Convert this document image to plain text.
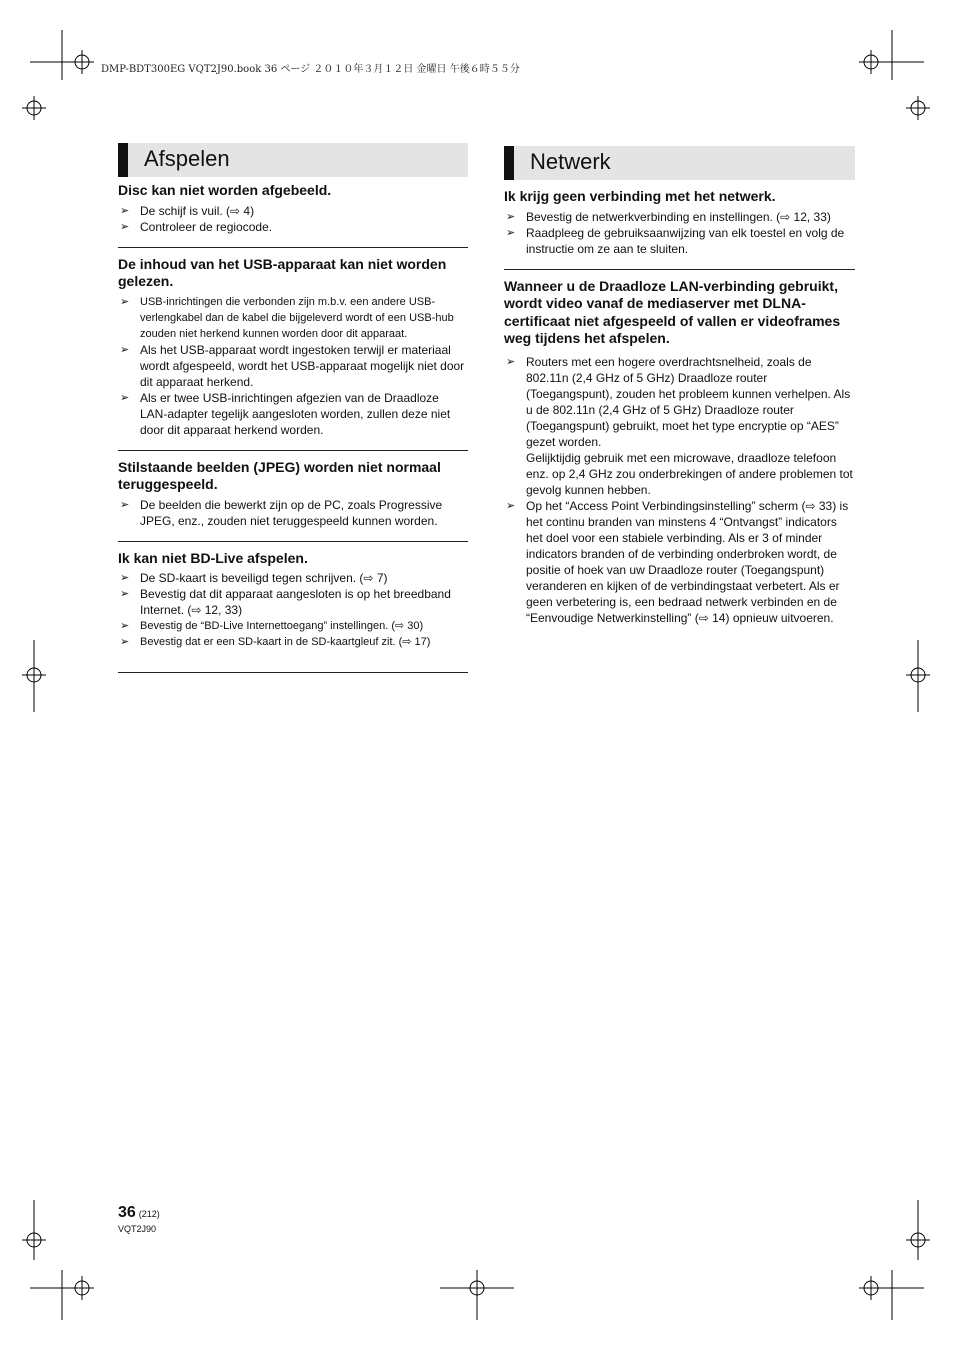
DMP-BDT300EG VQT2J90.book 36 ページ ２０１０年３月１２日 金曜日 午後６時５５分
Afspelen
Disc kan niet worden afgebeeld.
➢ De schijf is vuil. (⇨ 4)
➢ Controleer de regiocode.
De inhoud van het USB-apparaat kan niet worden gelezen.
➢ USB-inrichtingen die verbonden zijn m.b.v. een andere USB-verlengkabel dan de kabel die bijgeleverd wordt of een USB-hub zouden niet herkend kunnen worden door dit apparaat.
➢ Als het USB-apparaat wordt ingestoken terwijl er materiaal wordt afgespeeld, wordt het USB-apparaat mogelijk niet door dit apparaat herkend.
➢ Als er twee USB-inrichtingen afgezien van de Draadloze LAN-adapter tegelijk aangesloten worden, zullen deze niet door dit apparaat herkend worden.
Stilstaande beelden (JPEG) worden niet normaal teruggespeeld.
➢ De beelden die bewerkt zijn op de PC, zoals Progressive JPEG, enz., zouden niet teruggespeeld kunnen worden.
Ik kan niet BD-Live afspelen.
➢ De SD-kaart is beveiligd tegen schrijven. (⇨ 7)
➢ Bevestig dat dit apparaat aangesloten is op het breedband Internet. (⇨ 12, 33)
➢ Bevestig de “BD-Live Internettoegang” instellingen. (⇨ 30)
➢ Bevestig dat er een SD-kaart in de SD-kaartgleuf zit. (⇨ 17)
Netwerk
Ik krijg geen verbinding met het netwerk.
➢ Bevestig de netwerkverbinding en instellingen. (⇨ 12, 33)
➢ Raadpleeg de gebruiksaanwijzing van elk toestel en volg de instructie om ze aan te sluiten.
Wanneer u de Draadloze LAN-verbinding gebruikt, wordt video vanaf de mediaserver met DLNA-certificaat niet afgespeeld of vallen er videoframes weg tijdens het afspelen.
➢ Routers met een hogere overdrachtsnelheid, zoals de 802.11n (2,4 GHz of 5 GHz) Draadloze router (Toegangspunt), zouden het probleem kunnen verhelpen. Als u de 802.11n (2,4 GHz of 5 GHz) Draadloze router (Toegangspunt) gebruikt, moet het type encryptie op “AES” gezet worden.
Gelijktijdig gebruik met een microwave, draadloze telefoon enz. op 2,4 GHz zou onderbrekingen of andere problemen tot gevolg kunnen hebben.
➢ Op het “Access Point Verbindingsinstelling” scherm (⇨ 33) is het continu branden van minstens 4 “Ontvangst” indicators het doel voor een stabiele verbinding. Als er 3 of minder indicators branden of de verbinding onderbroken wordt, de positie of hoek van uw Draadloze router (Toegangspunt) veranderen en kijken of de verbindingstaat verbetert. Als er geen verbetering is, een bedraad netwerk verbinden en de “Eenvoudige Netwerkinstelling” (⇨ 14) opnieuw uitvoeren.
36 (212)
VQT2J90
